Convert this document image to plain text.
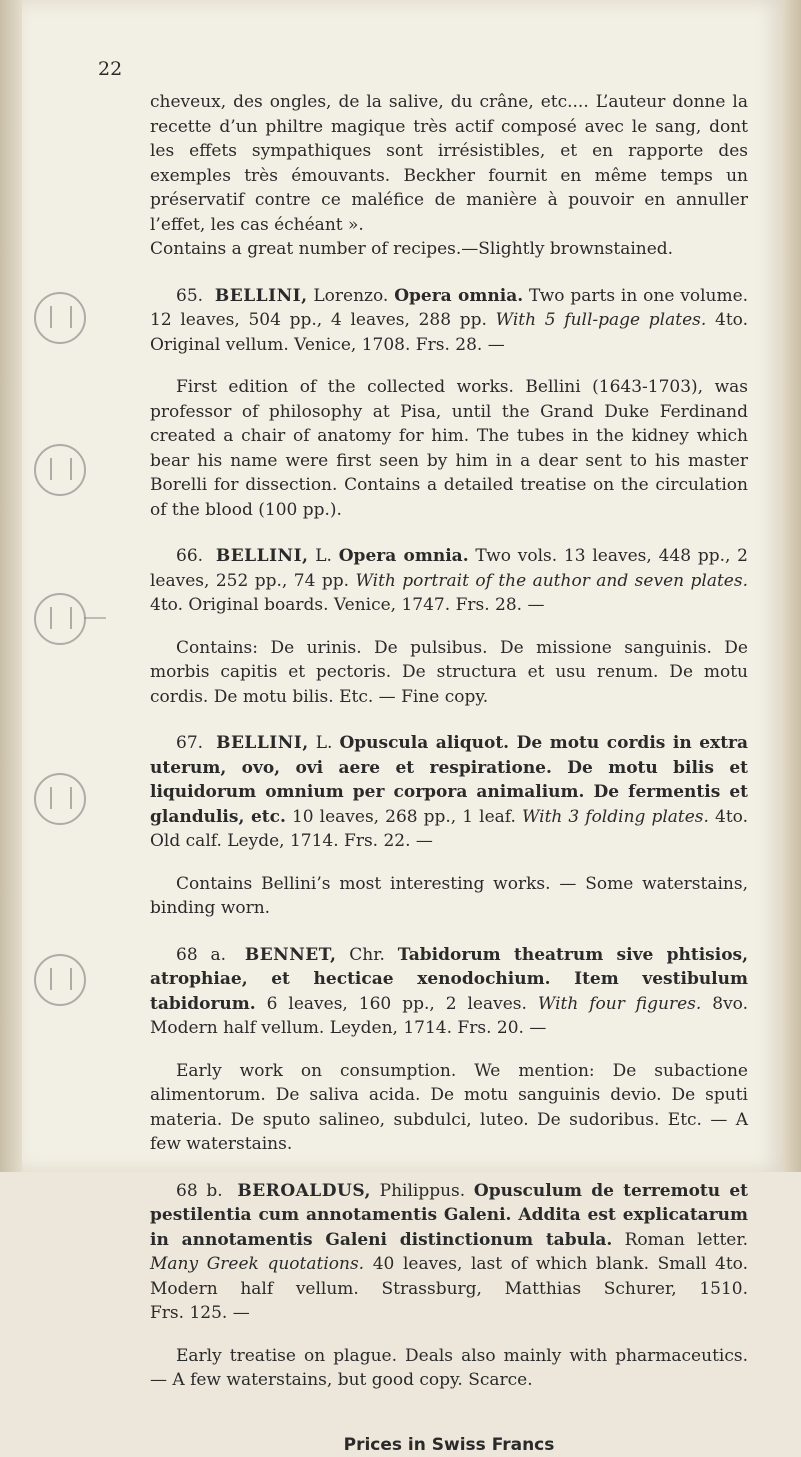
22

cheveux, des ongles, de la salive, du crâne, etc.... L’auteur donne la recette d’un philtre magique très actif composé avec le sang, dont les effets sympathiques sont irrésistibles, et en rapporte des exemples très émouvants. Beckher fournit en même temps un préservatif contre ce maléfice de manière à pouvoir en annuller l’effet, les cas échéant ».

Contains a great number of recipes.—Slightly brownstained.

65. BELLINI, Lorenzo. Opera omnia. Two parts in one volume. 12 leaves, 504 pp., 4 leaves, 288 pp. With 5 full-page plates. 4to. Original vellum. Venice, 1708. Frs. 28. —

First edition of the collected works. Bellini (1643-1703), was professor of philosophy at Pisa, until the Grand Duke Ferdinand created a chair of anatomy for him. The tubes in the kidney which bear his name were first seen by him in a dear sent to his master Borelli for dissection. Contains a detailed treatise on the circulation of the blood (100 pp.).

66. BELLINI, L. Opera omnia. Two vols. 13 leaves, 448 pp., 2 leaves, 252 pp., 74 pp. With portrait of the author and seven plates. 4to. Original boards. Venice, 1747. Frs. 28. —

Contains: De urinis. De pulsibus. De missione sanguinis. De morbis capitis et pectoris. De structura et usu renum. De motu cordis. De motu bilis. Etc. — Fine copy.

67. BELLINI, L. Opuscula aliquot. De motu cordis in extra uterum, ovo, ovi aere et respiratione. De motu bilis et liquidorum omnium per corpora animalium. De fermentis et glandulis, etc. 10 leaves, 268 pp., 1 leaf. With 3 folding plates. 4to. Old calf. Leyde, 1714. Frs. 22. —

Contains Bellini’s most interesting works. — Some waterstains, binding worn.

68 a. BENNET, Chr. Tabidorum theatrum sive phtisios, atrophiae, et hecticae xenodochium. Item vestibulum tabidorum. 6 leaves, 160 pp., 2 leaves. With four figures. 8vo. Modern half vellum. Leyden, 1714. Frs. 20. —

Early work on consumption. We mention: De subactione alimentorum. De saliva acida. De motu sanguinis devio. De sputi materia. De sputo salineo, subdulci, luteo. De sudoribus. Etc. — A few waterstains.

68 b. BEROALDUS, Philippus. Opusculum de terremotu et pestilentia cum annotamentis Galeni. Addita est explicatarum in annotamentis Galeni distinctionum tabula. Roman letter. Many Greek quotations. 40 leaves, last of which blank. Small 4to. Modern half vellum. Strassburg, Matthias Schurer, 1510. Frs. 125. —

Early treatise on plague. Deals also mainly with pharmaceutics. — A few waterstains, but good copy. Scarce.

Prices in Swiss Francs
